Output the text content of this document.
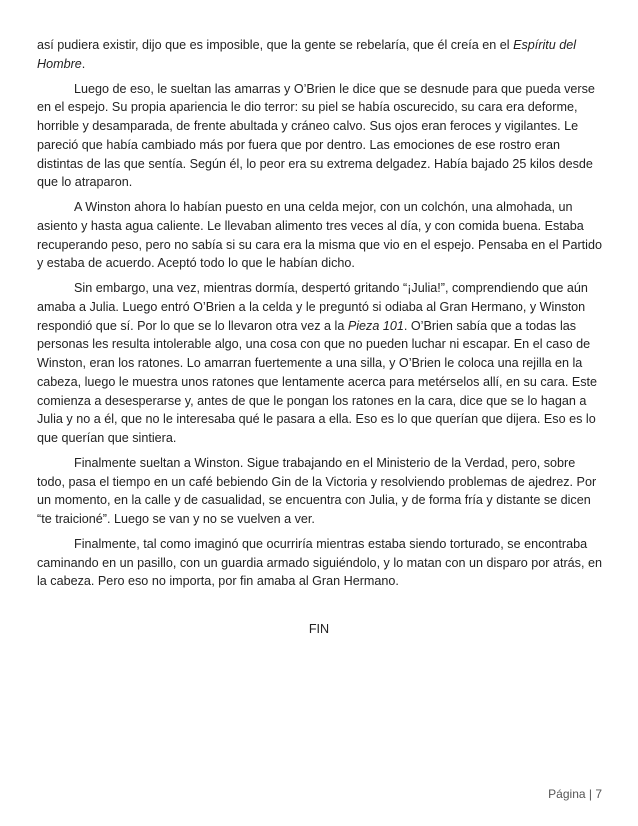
así pudiera existir, dijo que es imposible, que la gente se rebelaría, que él creía en el Espíritu del Hombre.

Luego de eso, le sueltan las amarras y O’Brien le dice que se desnude para que pueda verse en el espejo. Su propia apariencia le dio terror: su piel se había oscurecido, su cara era deforme, horrible y desamparada, de frente abultada y cráneo calvo. Sus ojos eran feroces y vigilantes. Le pareció que había cambiado más por fuera que por dentro. Las emociones de ese rostro eran distintas de las que sentía. Según él, lo peor era su extrema delgadez. Había bajado 25 kilos desde que lo atraparon.

A Winston ahora lo habían puesto en una celda mejor, con un colchón, una almohada, un asiento y hasta agua caliente. Le llevaban alimento tres veces al día, y con comida buena. Estaba recuperando peso, pero no sabía si su cara era la misma que vio en el espejo. Pensaba en el Partido y estaba de acuerdo. Aceptó todo lo que le habían dicho.

Sin embargo, una vez, mientras dormía, despertó gritando “¡Julia!”, comprendiendo que aún amaba a Julia. Luego entró O’Brien a la celda y le preguntó si odiaba al Gran Hermano, y Winston respondió que sí. Por lo que se lo llevaron otra vez a la Pieza 101. O’Brien sabía que a todas las personas les resulta intolerable algo, una cosa con que no pueden luchar ni escapar. En el caso de Winston, eran los ratones. Lo amarran fuertemente a una silla, y O’Brien le coloca una rejilla en la cabeza, luego le muestra unos ratones que lentamente acerca para metérselos allí, en su cara. Este comienza a desesperarse y, antes de que le pongan los ratones en la cara, dice que se lo hagan a Julia y no a él, que no le interesaba qué le pasara a ella. Eso es lo que querían que dijera. Eso es lo que querían que sintiera.

Finalmente sueltan a Winston. Sigue trabajando en el Ministerio de la Verdad, pero, sobre todo, pasa el tiempo en un café bebiendo Gin de la Victoria y resolviendo problemas de ajedrez. Por un momento, en la calle y de casualidad, se encuentra con Julia, y de forma fría y distante se dicen “te traicioné”. Luego se van y no se vuelven a ver.

Finalmente, tal como imaginó que ocurriría mientras estaba siendo torturado, se encontraba caminando en un pasillo, con un guardia armado siguiéndolo, y lo matan con un disparo por atrás, en la cabeza. Pero eso no importa, por fin amaba al Gran Hermano.

FIN
Página | 7
